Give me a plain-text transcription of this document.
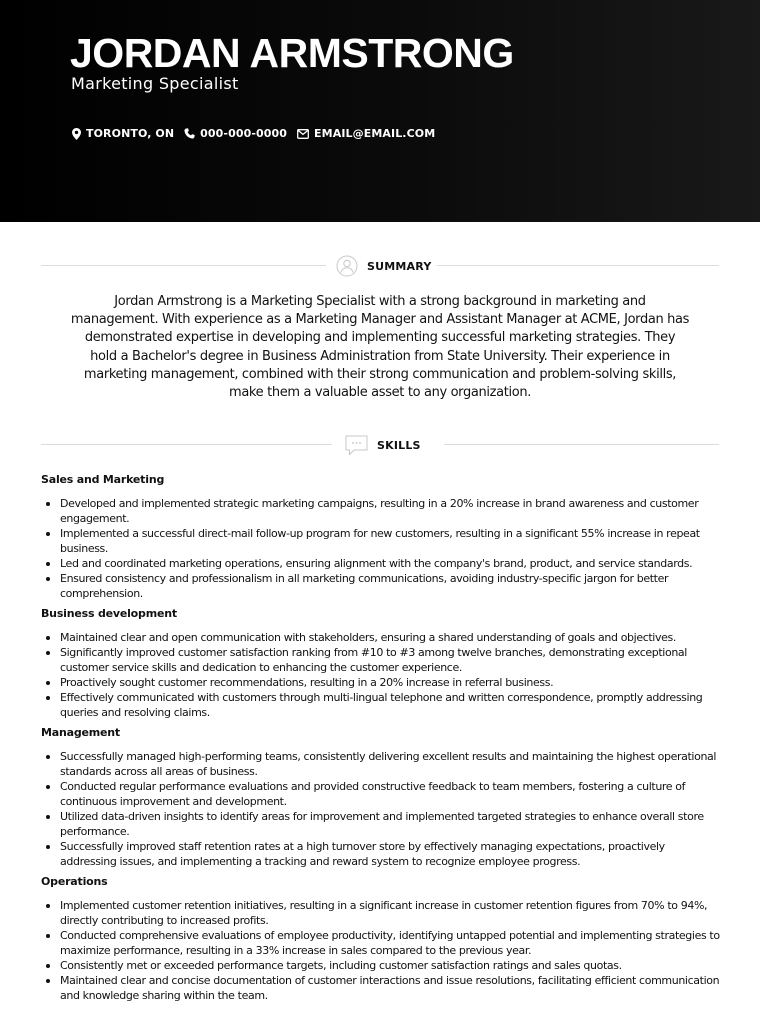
JORDAN ARMSTRONG
Marketing Specialist
TORONTO, ON 000-000-0000 EMAIL@EMAIL.COM
SUMMARY
Jordan Armstrong is a Marketing Specialist with a strong background in marketing and management. With experience as a Marketing Manager and Assistant Manager at ACME, Jordan has demonstrated expertise in developing and implementing successful marketing strategies. They hold a Bachelor's degree in Business Administration from State University. Their experience in marketing management, combined with their strong communication and problem-solving skills, make them a valuable asset to any organization.
SKILLS
Sales and Marketing
Developed and implemented strategic marketing campaigns, resulting in a 20% increase in brand awareness and customer engagement.
Implemented a successful direct-mail follow-up program for new customers, resulting in a significant 55% increase in repeat business.
Led and coordinated marketing operations, ensuring alignment with the company's brand, product, and service standards.
Ensured consistency and professionalism in all marketing communications, avoiding industry-specific jargon for better comprehension.
Business development
Maintained clear and open communication with stakeholders, ensuring a shared understanding of goals and objectives.
Significantly improved customer satisfaction ranking from #10 to #3 among twelve branches, demonstrating exceptional customer service skills and dedication to enhancing the customer experience.
Proactively sought customer recommendations, resulting in a 20% increase in referral business.
Effectively communicated with customers through multi-lingual telephone and written correspondence, promptly addressing queries and resolving claims.
Management
Successfully managed high-performing teams, consistently delivering excellent results and maintaining the highest operational standards across all areas of business.
Conducted regular performance evaluations and provided constructive feedback to team members, fostering a culture of continuous improvement and development.
Utilized data-driven insights to identify areas for improvement and implemented targeted strategies to enhance overall store performance.
Successfully improved staff retention rates at a high turnover store by effectively managing expectations, proactively addressing issues, and implementing a tracking and reward system to recognize employee progress.
Operations
Implemented customer retention initiatives, resulting in a significant increase in customer retention figures from 70% to 94%, directly contributing to increased profits.
Conducted comprehensive evaluations of employee productivity, identifying untapped potential and implementing strategies to maximize performance, resulting in a 33% increase in sales compared to the previous year.
Consistently met or exceeded performance targets, including customer satisfaction ratings and sales quotas.
Maintained clear and concise documentation of customer interactions and issue resolutions, facilitating efficient communication and knowledge sharing within the team.
